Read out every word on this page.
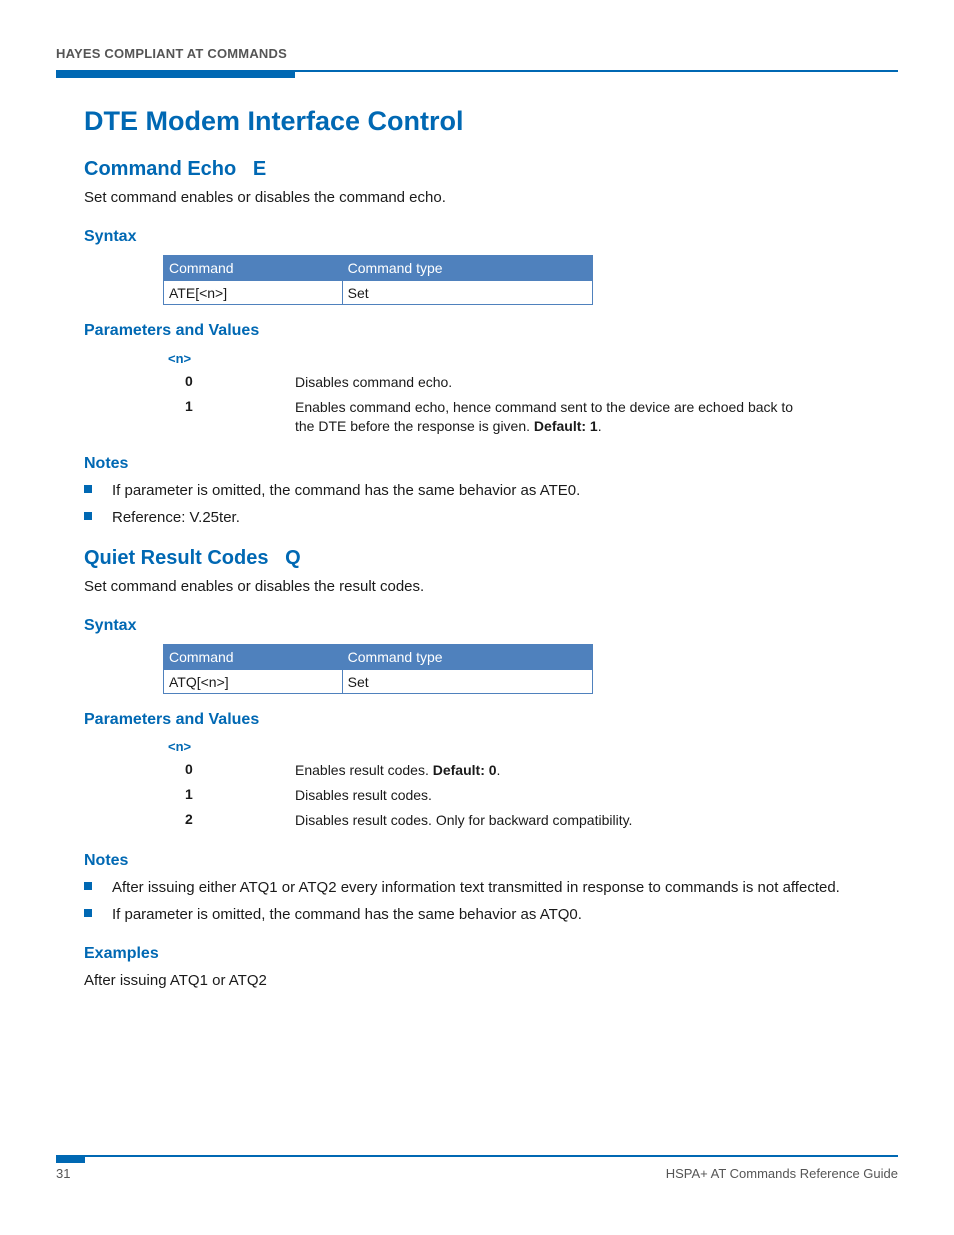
HAYES COMPLIANT AT COMMANDS
DTE Modem Interface Control
Command Echo   E
Set command enables or disables the command echo.
Syntax
Command	Command type
ATE[<n>]	Set
Parameters and Values
<n>
0	Disables command echo.
1	Enables command echo, hence command sent to the device are echoed back to the DTE before the response is given. Default: 1.
Notes
If parameter is omitted, the command has the same behavior as ATE0.
Reference: V.25ter.
Quiet Result Codes   Q
Set command enables or disables the result codes.
Syntax
Command	Command type
ATQ[<n>]	Set
Parameters and Values
<n>
0	Enables result codes. Default: 0.
1	Disables result codes.
2	Disables result codes. Only for backward compatibility.
Notes
After issuing either ATQ1 or ATQ2 every information text transmitted in response to commands is not affected.
If parameter is omitted, the command has the same behavior as ATQ0.
Examples
After issuing ATQ1 or ATQ2
31	HSPA+ AT Commands Reference Guide
